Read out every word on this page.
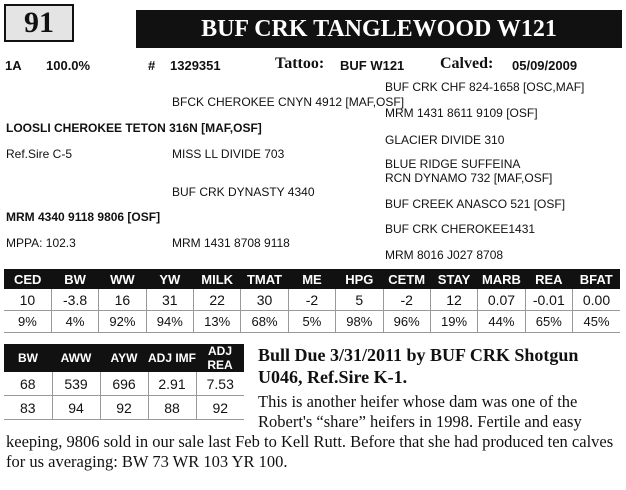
91	BUF CRK TANGLEWOOD W121
1A 100.0%	# 1329351	Tattoo: BUF W121 Calved: 05/09/2009
BUF CRK CHF 824-1658 [OSC,MAF]
BFCK CHEROKEE CNYN 4912 [MAF,OSF]
MRM 1431 8611 9109 [OSF]
LOOSLI CHEROKEE TETON 316N [MAF,OSF]
GLACIER DIVIDE 310
Ref.Sire C-5	MISS LL DIVIDE 703
BLUE RIDGE SUFFEINA
RCN DYNAMO 732 [MAF,OSF]
BUF CRK DYNASTY 4340
BUF CREEK ANASCO 521 [OSF]
MRM 4340 9118 9806 [OSF]
BUF CRK CHEROKEE1431
MPPA: 102.3	MRM 1431 8708 9118
MRM 8016 J027 8708
CED	BW	WW	YW	MILK	TMAT	ME	HPG	CETM	STAY	MARB	REA	BFAT
10	-3.8	16	31	22	30	-2	5	-2	12	0.07	-0.01	0.00
9%	4%	92%	94%	13%	68%	5%	98%	96%	19%	44%	65%	45%
BW	AWW	AYW	ADJ IMF	ADJ REA
68	539	696	2.91	7.53
83	94	92	88	92
Bull Due 3/31/2011 by BUF CRK Shotgun U046, Ref.Sire K-1.
This is another heifer whose dam was one of the Robert's “share” heifers in 1998. Fertile and easy
keeping, 9806 sold in our sale last Feb to Kell Rutt. Before that she had produced ten calves for us averaging: BW 73 WR 103 YR 100.
